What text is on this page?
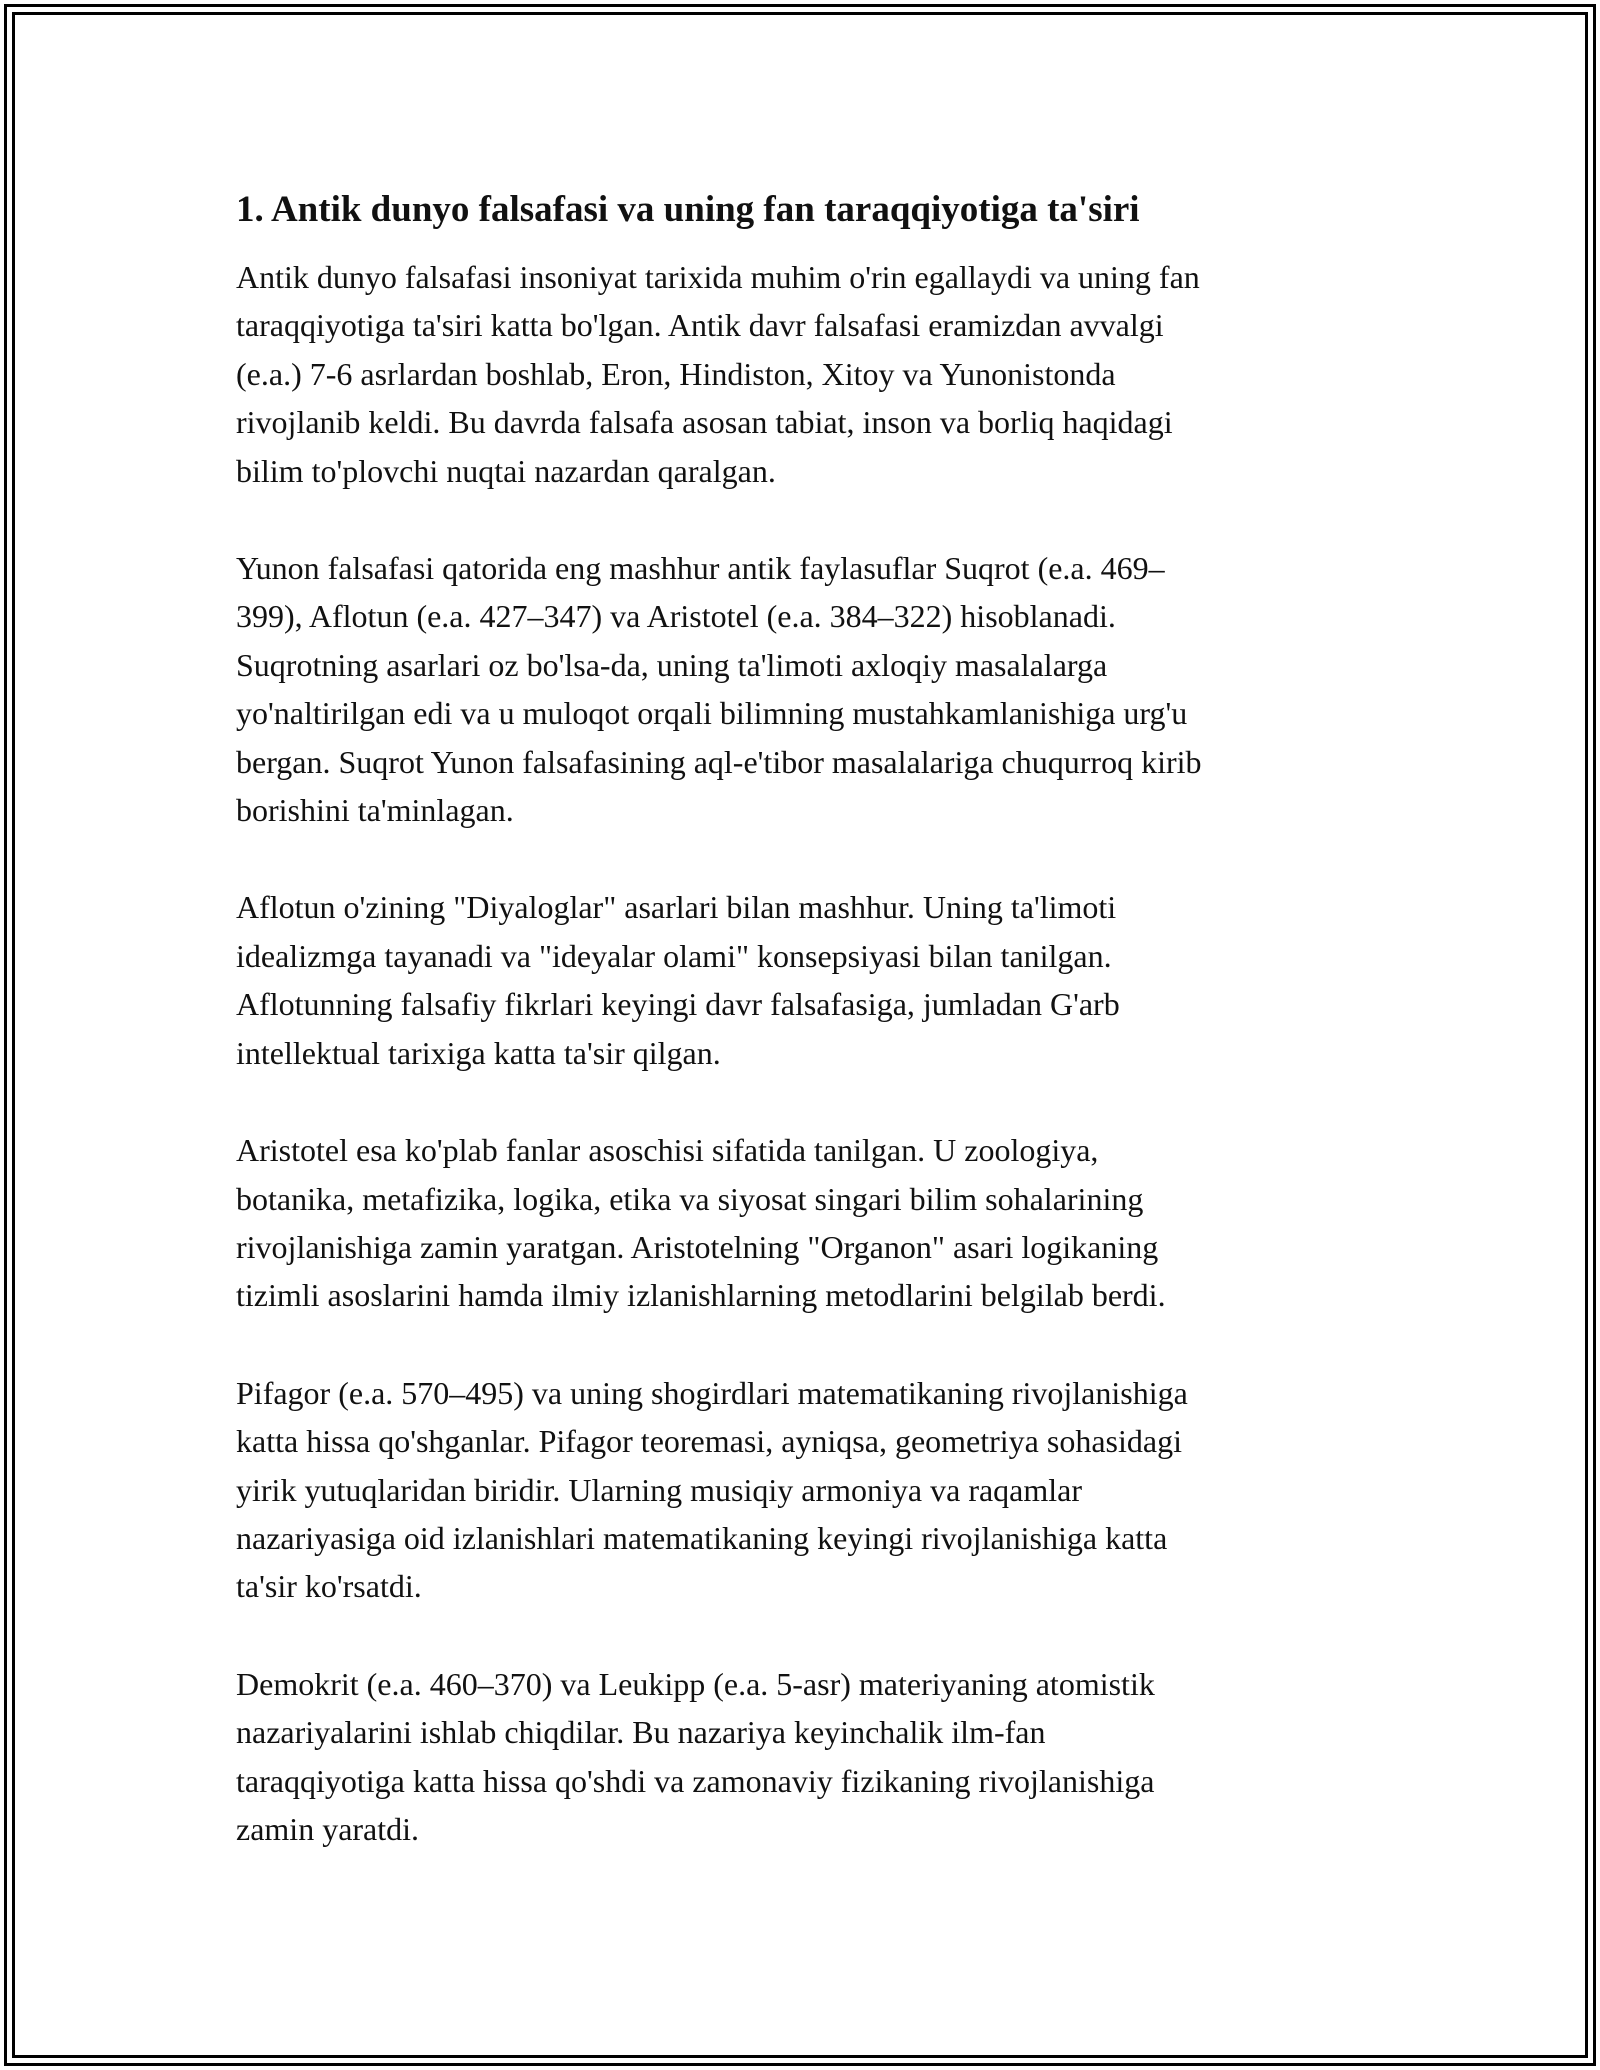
1. Antik dunyo falsafasi va uning fan taraqqiyotiga ta'siri

Antik dunyo falsafasi insoniyat tarixida muhim o'rin egallaydi va uning fan
taraqqiyotiga ta'siri katta bo'lgan. Antik davr falsafasi eramizdan avvalgi
(e.a.) 7-6 asrlardan boshlab, Eron, Hindiston, Xitoy va Yunonistonda
rivojlanib keldi. Bu davrda falsafa asosan tabiat, inson va borliq haqidagi
bilim to'plovchi nuqtai nazardan qaralgan.

Yunon falsafasi qatorida eng mashhur antik faylasuflar Suqrot (e.a. 469–
399), Aflotun (e.a. 427–347) va Aristotel (e.a. 384–322) hisoblanadi.
Suqrotning asarlari oz bo'lsa-da, uning ta'limoti axloqiy masalalarga
yo'naltirilgan edi va u muloqot orqali bilimning mustahkamlanishiga urg'u
bergan. Suqrot Yunon falsafasining aql-e'tibor masalalariga chuqurroq kirib
borishini ta'minlagan.

Aflotun o'zining "Diyaloglar" asarlari bilan mashhur. Uning ta'limoti
idealizmga tayanadi va "ideyalar olami" konsepsiyasi bilan tanilgan.
Aflotunning falsafiy fikrlari keyingi davr falsafasiga, jumladan G'arb
intellektual tarixiga katta ta'sir qilgan.

Aristotel esa ko'plab fanlar asoschisi sifatida tanilgan. U zoologiya,
botanika, metafizika, logika, etika va siyosat singari bilim sohalarining
rivojlanishiga zamin yaratgan. Aristotelning "Organon" asari logikaning
tizimli asoslarini hamda ilmiy izlanishlarning metodlarini belgilab berdi.

Pifagor (e.a. 570–495) va uning shogirdlari matematikaning rivojlanishiga
katta hissa qo'shganlar. Pifagor teoremasi, ayniqsa, geometriya sohasidagi
yirik yutuqlaridan biridir. Ularning musiqiy armoniya va raqamlar
nazariyasiga oid izlanishlari matematikaning keyingi rivojlanishiga katta
ta'sir ko'rsatdi.

Demokrit (e.a. 460–370) va Leukipp (e.a. 5-asr) materiyaning atomistik
nazariyalarini ishlab chiqdilar. Bu nazariya keyinchalik ilm-fan
taraqqiyotiga katta hissa qo'shdi va zamonaviy fizikaning rivojlanishiga
zamin yaratdi.
